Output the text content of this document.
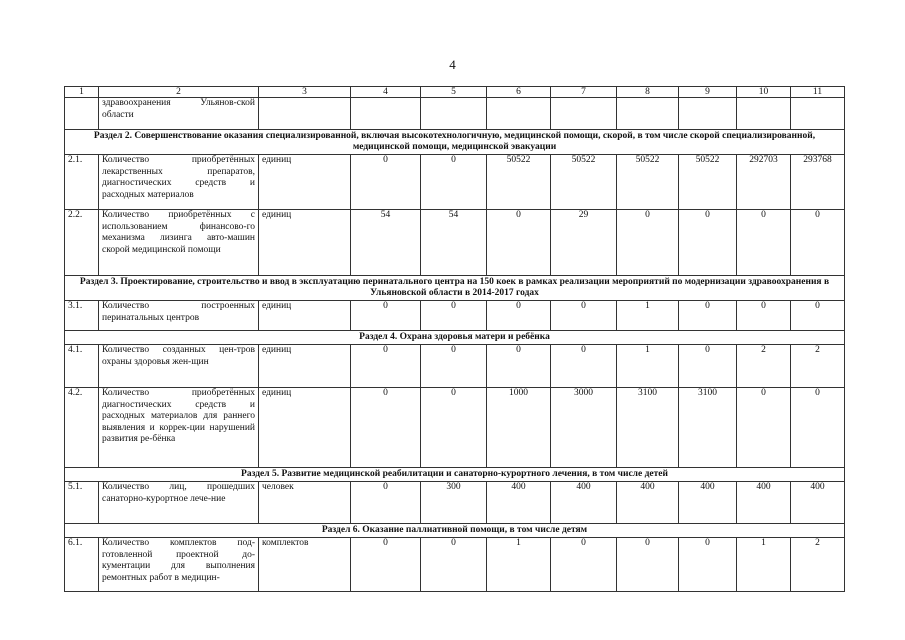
4
1	2	3	4	5	6	7	8	9	10	11
	здравоохранения Ульянов-ской области									
Раздел 2. Совершенствование оказания специализированной, включая высокотехнологичную, медицинской помощи, скорой, в том числе скорой специализированной, медицинской помощи, медицинской эвакуации										
2.1.	Количество приобретённых лекарственных препаратов, диагностических средств и расходных материалов	единиц	0	0	50522	50522	50522	50522	292703	293768
2.2.	Количество приобретённых с использованием финансово-го механизма лизинга авто-машин скорой медицинской помощи	единиц	54	54	0	29	0	0	0	0
Раздел 3. Проектирование, строительство и ввод в эксплуатацию перинатального центра на 150 коек в рамках реализации мероприятий по модернизации здравоохранения в Ульяновской области в 2014-2017 годах										
3.1.	Количество построенных перинатальных центров	единиц	0	0	0	0	1	0	0	0
Раздел 4. Охрана здоровья матери и ребёнка										
4.1.	Количество созданных цен-тров охраны здоровья жен-щин	единиц	0	0	0	0	1	0	2	2
4.2.	Количество приобретённых диагностических средств и расходных материалов для раннего выявления и коррек-ции нарушений развития ре-бёнка	единиц	0	0	1000	3000	3100	3100	0	0
Раздел 5. Развитие медицинской реабилитации и санаторно-курортного лечения, в том числе детей										
5.1.	Количество лиц, прошедших санаторно-курортное лече-ние	человек	0	300	400	400	400	400	400	400
Раздел 6. Оказание паллиативной помощи, в том числе детям										
6.1.	Количество комплектов под-готовленной проектной до-кументации для выполнения ремонтных работ в медицин-	комплектов	0	0	1	0	0	0	1	2
